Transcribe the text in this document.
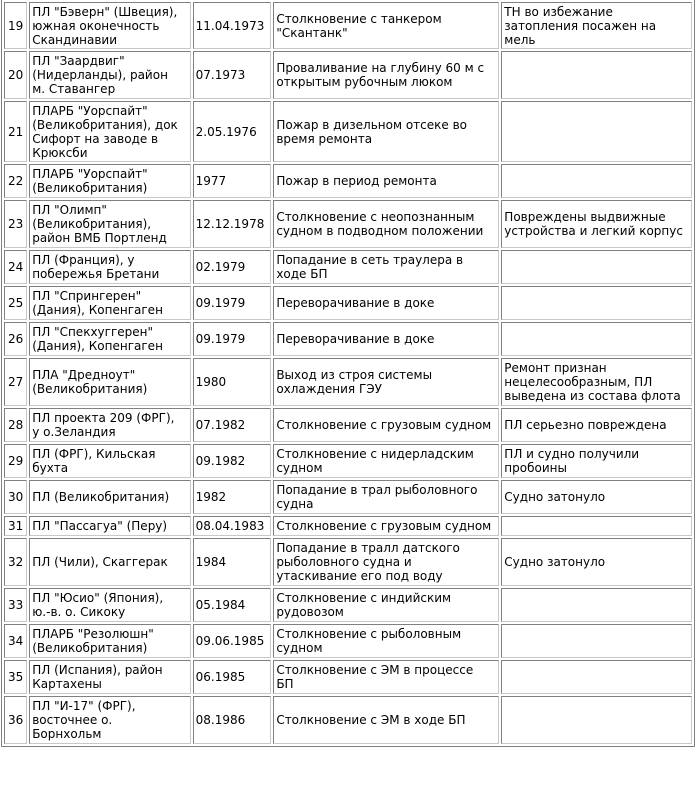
19	ПЛ "Бэверн" (Швеция),
южная оконечность
Скандинавии	11.04.1973	Столкновение с танкером
"Скантанк"	ТН во избежание
затопления посажен на
мель
20	ПЛ "Заардвиг"
(Нидерланды), район
м. Ставангер	07.1973	Проваливание на глубину 60 м с
открытым рубочным люком	
21	ПЛАРБ "Уорспайт"
(Великобритания), док
Сифорт на заводе в
Крюксби	2.05.1976	Пожар в дизельном отсеке во
время ремонта	
22	ПЛАРБ "Уорспайт"
(Великобритания)	1977	Пожар в период ремонта	
23	ПЛ "Олимп"
(Великобритания),
район ВМБ Портленд	12.12.1978	Столкновение с неопознанным
судном в подводном положении	Повреждены выдвижные
устройства и легкий корпус
24	ПЛ (Франция), у
побережья Бретани	02.1979	Попадание в сеть траулера в
ходе БП	
25	ПЛ "Спрингерен"
(Дания), Копенгаген	09.1979	Переворачивание в доке	
26	ПЛ "Спекхуггерен"
(Дания), Копенгаген	09.1979	Переворачивание в доке	
27	ПЛА "Дредноут"
(Великобритания)	1980	Выход из строя системы
охлаждения ГЭУ	Ремонт признан
нецелесообразным, ПЛ
выведена из состава флота
28	ПЛ проекта 209 (ФРГ),
у о.Зеландия	07.1982	Столкновение с грузовым судном	ПЛ серьезно повреждена
29	ПЛ (ФРГ), Кильская
бухта	09.1982	Столкновение с нидерладским
судном	ПЛ и судно получили
пробоины
30	ПЛ (Великобритания)	1982	Попадание в трал рыболовного
судна	Судно затонуло
31	ПЛ "Пассагуа" (Перу)	08.04.1983	Столкновение с грузовым судном	
32	ПЛ (Чили), Скаггерак	1984	Попадание в тралл датского
рыболовного судна и
утаскивание его под воду	Судно затонуло
33	ПЛ "Юсио" (Япония),
ю.-в. о. Сикоку	05.1984	Столкновение с индийским
рудовозом	
34	ПЛАРБ "Резолюшн"
(Великобритания)	09.06.1985	Столкновение с рыболовным
судном	
35	ПЛ (Испания), район
Картахены	06.1985	Столкновение с ЭМ в процессе
БП	
36	ПЛ "И-17" (ФРГ),
восточнее о.
Борнхольм	08.1986	Столкновение с ЭМ в ходе БП	
